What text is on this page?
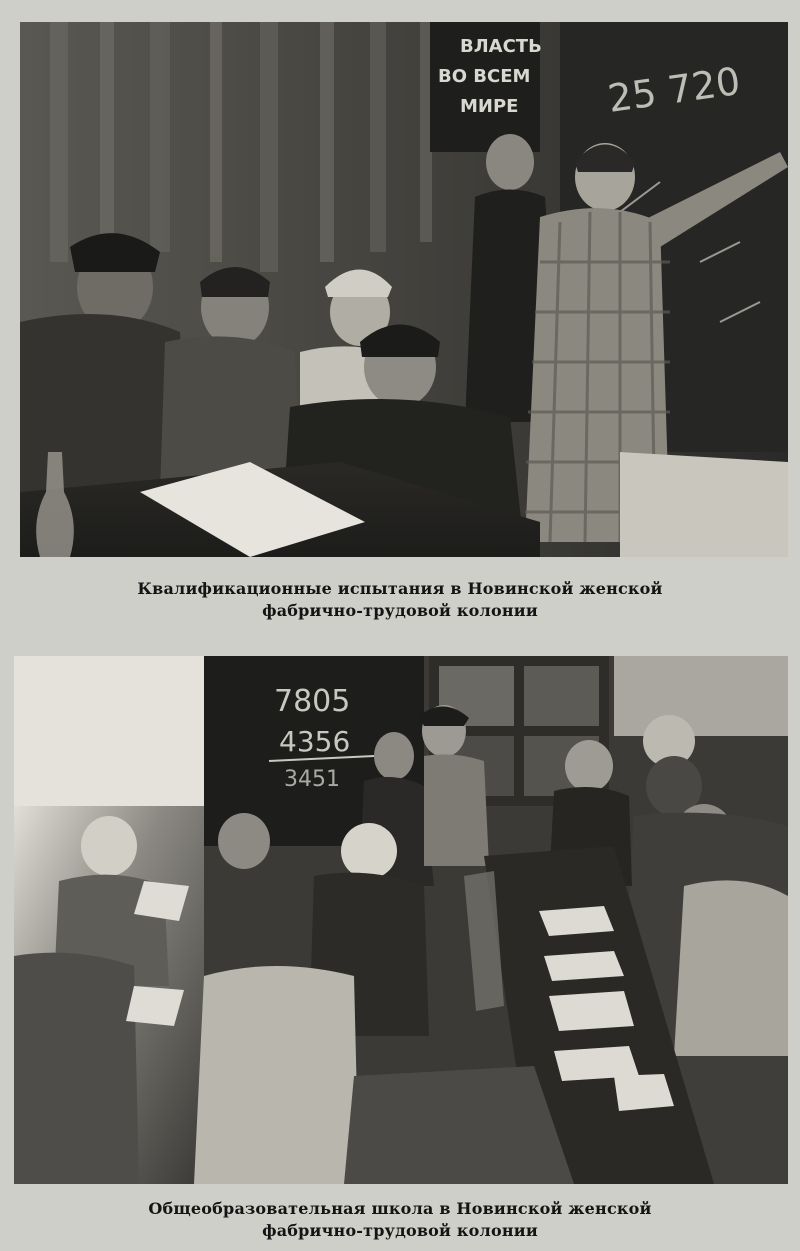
ВЛАСТЬ
ВО ВСЕМ
МИРЕ 25 720
Квалификационные испытания в Новинской женской
фабрично-трудовой колонии
7805
4356
3451
Общеобразовательная школа в Новинской женской
фабрично-трудовой колонии
